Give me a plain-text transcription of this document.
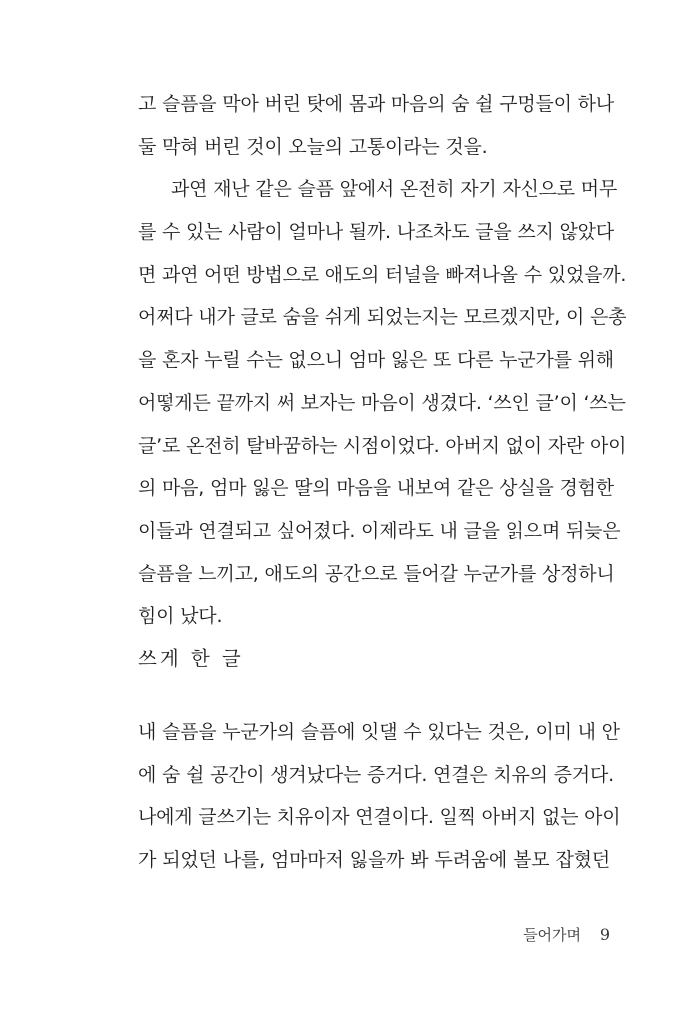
고 슬픔을 막아 버린 탓에 몸과 마음의 숨 쉴 구멍들이 하나
둘 막혀 버린 것이 오늘의 고통이라는 것을.
과연 재난 같은 슬픔 앞에서 온전히 자기 자신으로 머무
를 수 있는 사람이 얼마나 될까. 나조차도 글을 쓰지 않았다
면 과연 어떤 방법으로 애도의 터널을 빠져나올 수 있었을까.
어쩌다 내가 글로 숨을 쉬게 되었는지는 모르겠지만, 이 은총
을 혼자 누릴 수는 없으니 엄마 잃은 또 다른 누군가를 위해
어떻게든 끝까지 써 보자는 마음이 생겼다. ‘쓰인 글’이 ‘쓰는
글’로 온전히 탈바꿈하는 시점이었다. 아버지 없이 자란 아이
의 마음, 엄마 잃은 딸의 마음을 내보여 같은 상실을 경험한
이들과 연결되고 싶어졌다. 이제라도 내 글을 읽으며 뒤늦은
슬픔을 느끼고, 애도의 공간으로 들어갈 누군가를 상정하니
힘이 났다.
쓰게 한 글
내 슬픔을 누군가의 슬픔에 잇댈 수 있다는 것은, 이미 내 안
에 숨 쉴 공간이 생겨났다는 증거다. 연결은 치유의 증거다.
나에게 글쓰기는 치유이자 연결이다. 일찍 아버지 없는 아이
가 되었던 나를, 엄마마저 잃을까 봐 두려움에 볼모 잡혔던
들어가며 9
